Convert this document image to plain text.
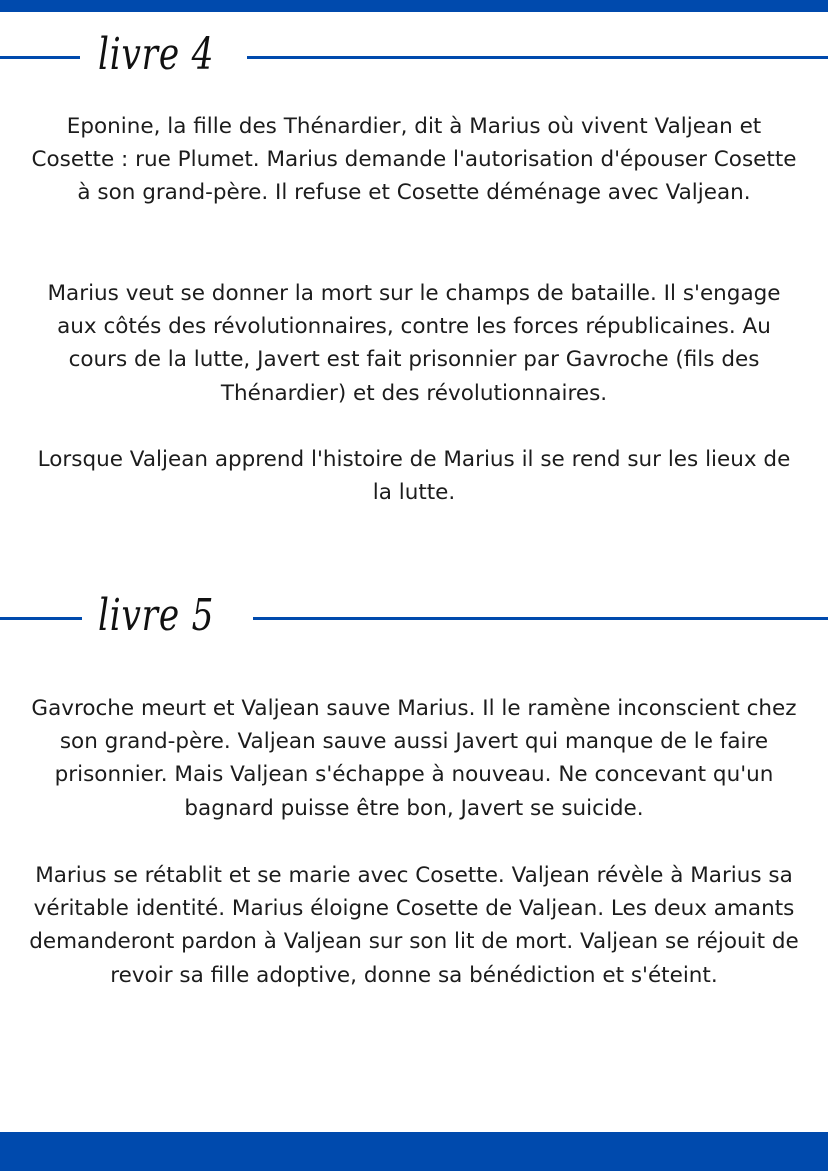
livre 4

Eponine, la fille des Thénardier, dit à Marius où vivent Valjean et Cosette : rue Plumet. Marius demande l'autorisation d'épouser Cosette à son grand-père. Il refuse et Cosette déménage avec Valjean.

Marius veut se donner la mort sur le champs de bataille. Il s'engage aux côtés des révolutionnaires, contre les forces républicaines. Au cours de la lutte, Javert est fait prisonnier par Gavroche (fils des Thénardier) et des révolutionnaires.

Lorsque Valjean apprend l'histoire de Marius il se rend sur les lieux de la lutte.

livre 5

Gavroche meurt et Valjean sauve Marius. Il le ramène inconscient chez son grand-père. Valjean sauve aussi Javert qui manque de le faire prisonnier. Mais Valjean s'échappe à nouveau. Ne concevant qu'un bagnard puisse être bon, Javert se suicide.

Marius se rétablit et se marie avec Cosette. Valjean révèle à Marius sa véritable identité. Marius éloigne Cosette de Valjean. Les deux amants demanderont pardon à Valjean sur son lit de mort. Valjean se réjouit de revoir sa fille adoptive, donne sa bénédiction et s'éteint.
